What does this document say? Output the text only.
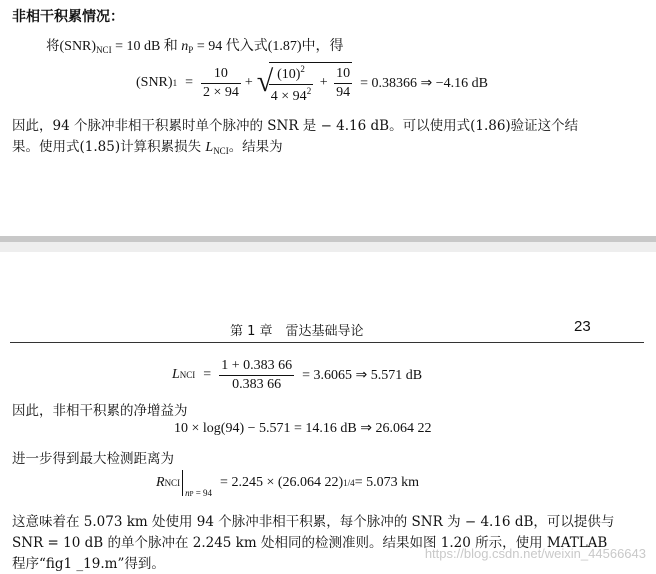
非相干积累情况：
将$(SNR)_{NCI} = 10$ dB 和 $n_P = 94$ 代入式(1.87)中，得
(SNR) $1 = \frac{10}{2 \times 94}$ + √
$\frac{(10)^2}{4 \times 94^2} + \frac{10}{94} = 0.38366$ ⇒ −4.16 dB
因此，94 个脉冲非相干积累时单个脉冲的 SNR 是 − 4.16 dB。可以使用式(1.86)验证这个结
果。使用式(1.85)计算积累损失 $L_{NCI}$。结果为
第 1 章　雷达基础导论	23
L NCI = $\frac{1 + 0.383 66}{0.383 66} = 3.6065$ ⇒ 5.571 dB
因此，非相干积累的净增益为
10 × log(94) − 5.571 = 14.16 dB ⇒ 26.064 22
进一步得到最大检测距离为
R NCI
nP = 94
= 2.245 × (26.064 22) 1/4 = 5.073 km
这意味着在 5.073 km 处使用 94 个脉冲非相干积累，每个脉冲的 SNR 为 − 4.16 dB，可以提供与
SNR = 10 dB 的单个脉冲在 2.245 km 处相同的检测准则。结果如图 1.20 所示，使用 MATLAB
程序“fig1 _19.m”得到。
https://blog.csdn.net/weixin_44566643
